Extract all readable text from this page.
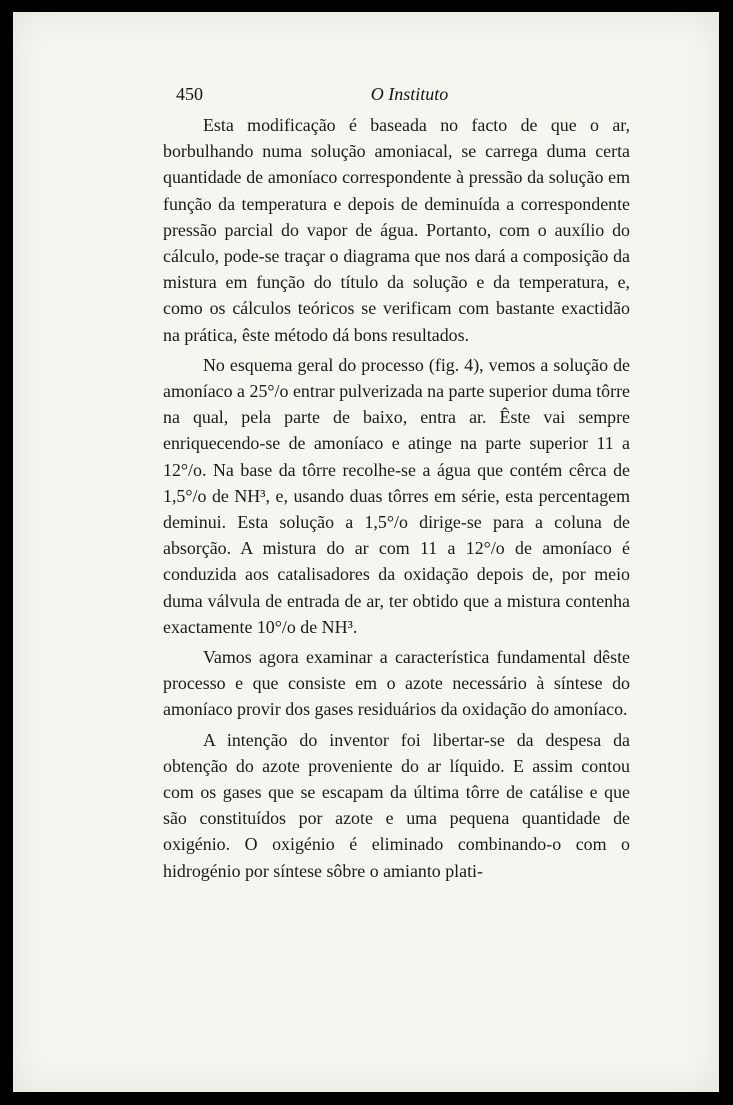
450	O Instituto

Esta modificação é baseada no facto de que o ar, borbulhando numa solução amoniacal, se carrega duma certa quantidade de amoníaco correspondente à pressão da solução em função da temperatura e depois de deminuída a correspondente pressão parcial do vapor de água. Portanto, com o auxílio do cálculo, pode-se traçar o diagrama que nos dará a composição da mistura em função do título da solução e da temperatura, e, como os cálculos teóricos se verificam com bastante exactidão na prática, êste método dá bons resultados.

No esquema geral do processo (fig. 4), vemos a solução de amoníaco a 25°/o entrar pulverizada na parte superior duma tôrre na qual, pela parte de baixo, entra ar. Êste vai sempre enriquecendo-se de amoníaco e atinge na parte superior 11 a 12°/o. Na base da tôrre recolhe-se a água que contém cêrca de 1,5°/o de NH³, e, usando duas tôrres em série, esta percentagem deminui. Esta solução a 1,5°/o dirige-se para a coluna de absorção. A mistura do ar com 11 a 12°/o de amoníaco é conduzida aos catalisadores da oxidação depois de, por meio duma válvula de entrada de ar, ter obtido que a mistura contenha exactamente 10°/o de NH³.

Vamos agora examinar a característica fundamental dêste processo e que consiste em o azote necessário à síntese do amoníaco provir dos gases residuários da oxidação do amoníaco.

A intenção do inventor foi libertar-se da despesa da obtenção do azote proveniente do ar líquido. E assim contou com os gases que se escapam da última tôrre de catálise e que são constituídos por azote e uma pequena quantidade de oxigénio. O oxigénio é eliminado combinando-o com o hidrogénio por síntese sôbre o amianto plati-
